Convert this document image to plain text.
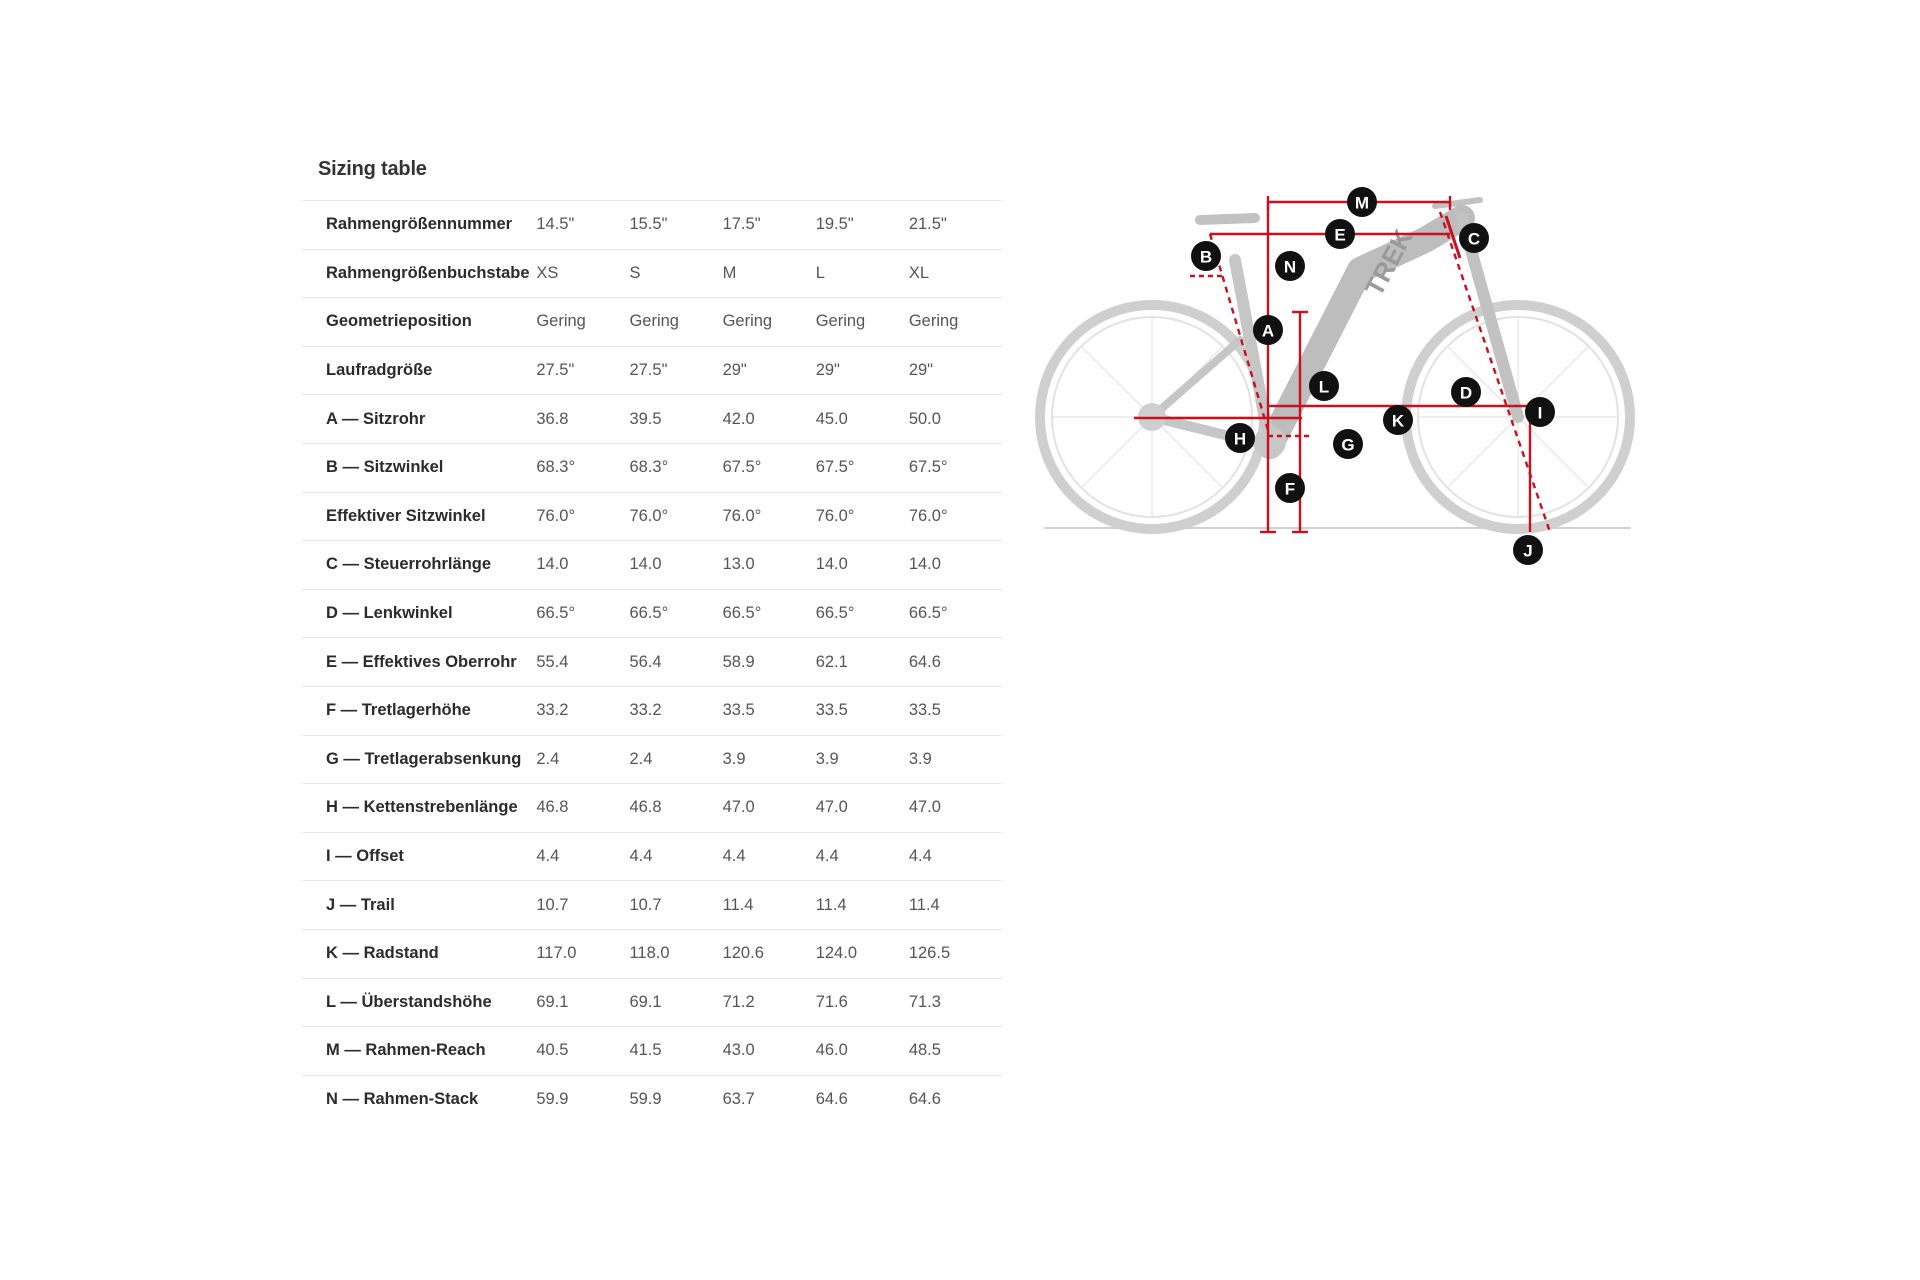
Sizing table
Rahmengrößennummer	14.5"	15.5"	17.5"	19.5"	21.5"
Rahmengrößenbuchstabe	XS	S	M	L	XL
Geometrieposition	Gering	Gering	Gering	Gering	Gering
Laufradgröße	27.5"	27.5"	29"	29"	29"
A — Sitzrohr	36.8	39.5	42.0	45.0	50.0
B — Sitzwinkel	68.3°	68.3°	67.5°	67.5°	67.5°
Effektiver Sitzwinkel	76.0°	76.0°	76.0°	76.0°	76.0°
C — Steuerrohrlänge	14.0	14.0	13.0	14.0	14.0
D — Lenkwinkel	66.5°	66.5°	66.5°	66.5°	66.5°
E — Effektives Oberrohr	55.4	56.4	58.9	62.1	64.6
F — Tretlagerhöhe	33.2	33.2	33.5	33.5	33.5
G — Tretlagerabsenkung	2.4	2.4	3.9	3.9	3.9
H — Kettenstrebenlänge	46.8	46.8	47.0	47.0	47.0
I — Offset	4.4	4.4	4.4	4.4	4.4
J — Trail	10.7	10.7	11.4	11.4	11.4
K — Radstand	117.0	118.0	120.6	124.0	126.5
L — Überstandshöhe	69.1	69.1	71.2	71.6	71.3
M — Rahmen-Reach	40.5	41.5	43.0	46.0	48.5
N — Rahmen-Stack	59.9	59.9	63.7	64.6	64.6
TREK
M
E	C
B
N
A
L	D
I
K
H	G
F
J
